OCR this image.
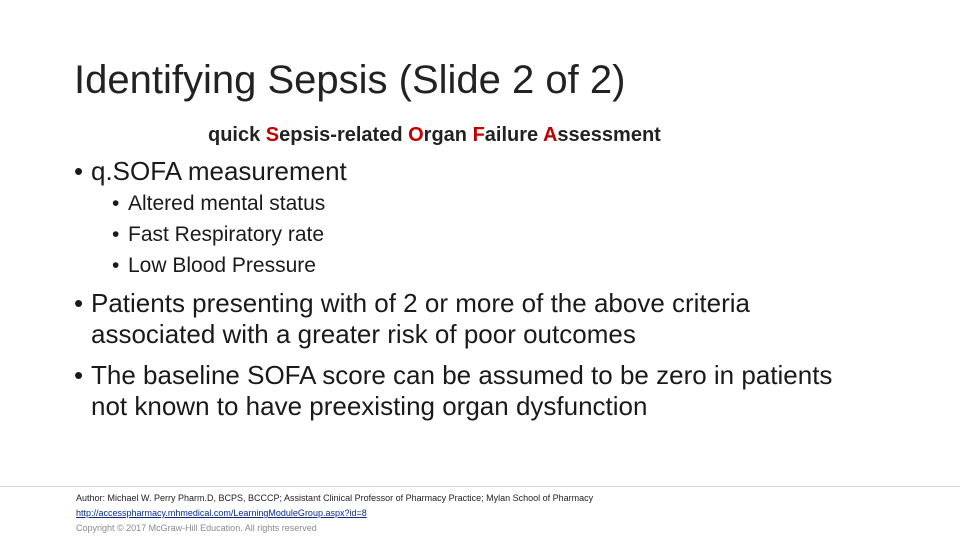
Identifying Sepsis (Slide 2 of 2)
quick Sepsis-related Organ Failure Assessment
• q.SOFA measurement
• Altered mental status
• Fast Respiratory rate
• Low Blood Pressure
• Patients presenting with of 2 or more of the above criteria associated with a greater risk of poor outcomes
• The baseline SOFA score can be assumed to be zero in patients not known to have preexisting organ dysfunction
Author: Michael W. Perry Pharm.D, BCPS, BCCCP; Assistant Clinical Professor of Pharmacy Practice; Mylan School of Pharmacy
http://accesspharmacy.mhmedical.com/LearningModuleGroup.aspx?id=8
Copyright © 2017 McGraw-Hill Education. All rights reserved
